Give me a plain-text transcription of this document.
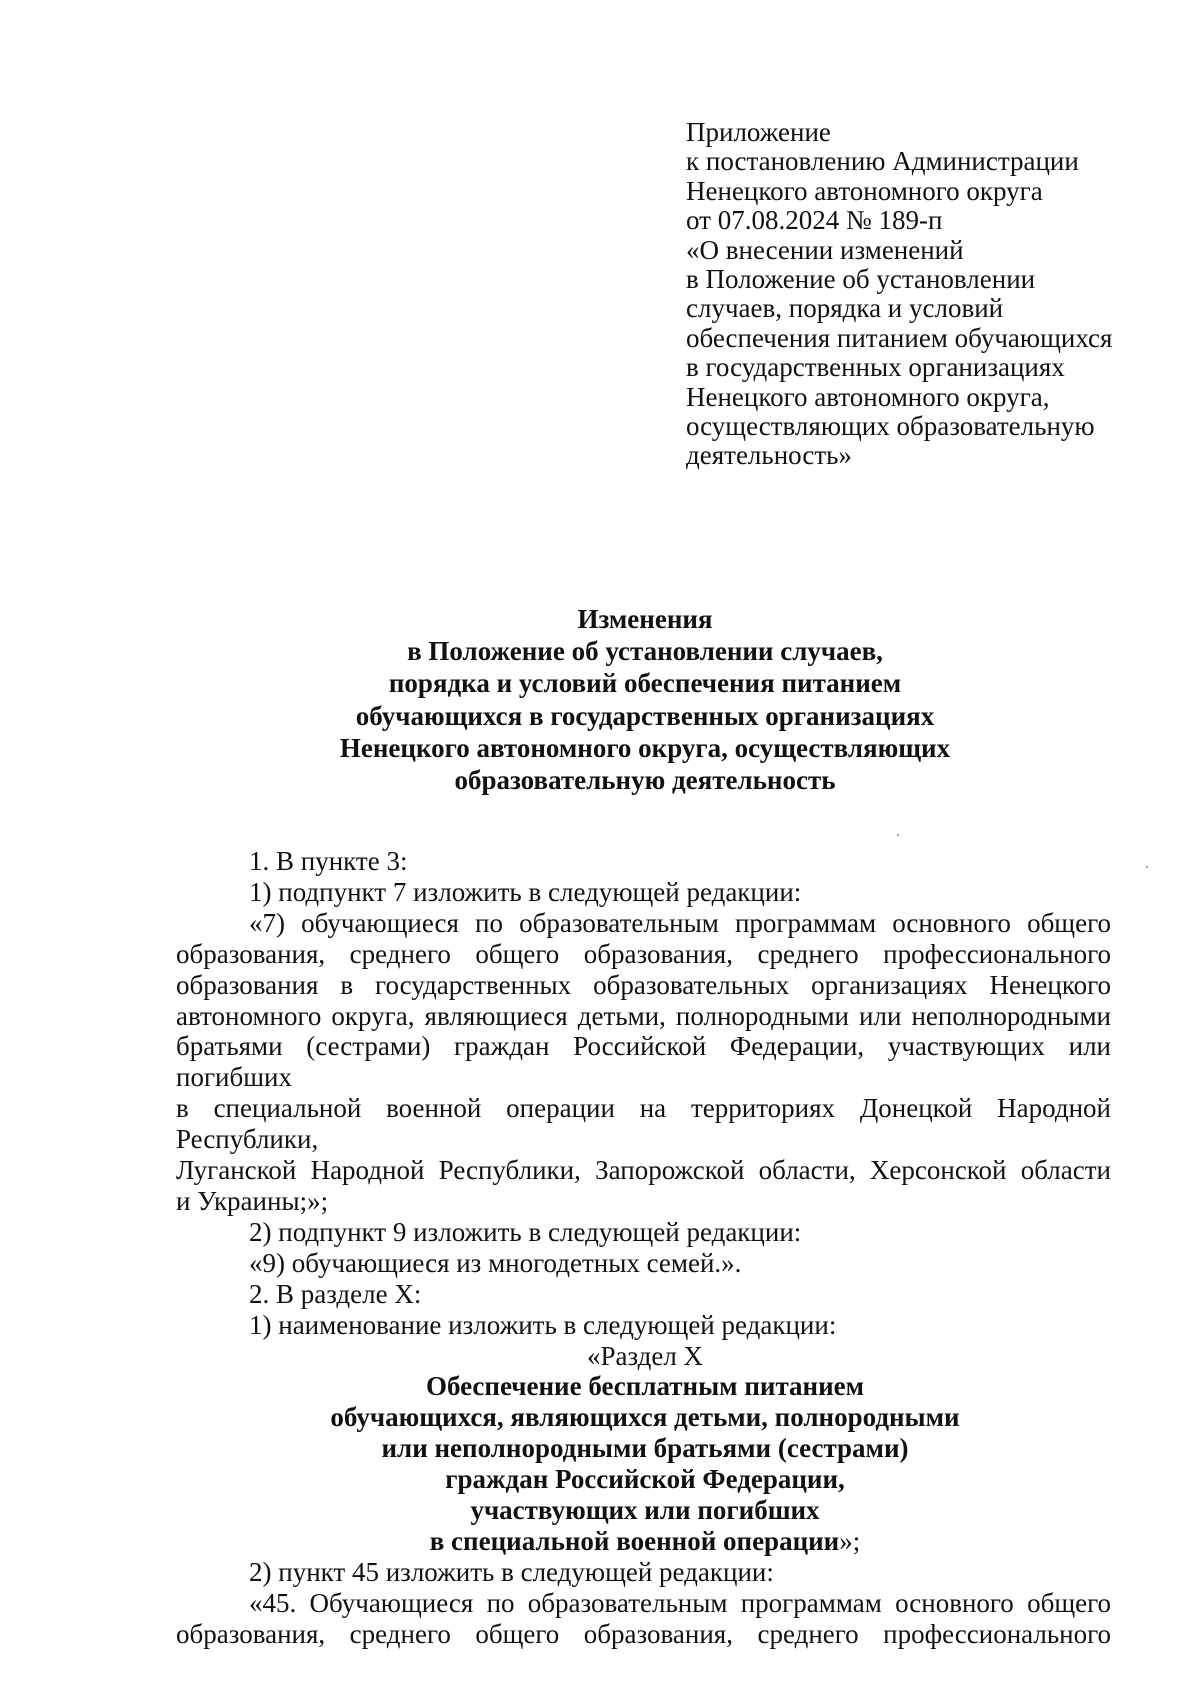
Приложение
к постановлению Администрации
Ненецкого автономного округа
от 07.08.2024 № 189-п
«О внесении изменений
в Положение об установлении
случаев, порядка и условий
обеспечения питанием обучающихся
в государственных организациях
Ненецкого автономного округа,
осуществляющих образовательную
деятельность»
Изменения
в Положение об установлении случаев,
порядка и условий обеспечения питанием
обучающихся в государственных организациях
Ненецкого автономного округа, осуществляющих
образовательную деятельность
1. В пункте 3:
1) подпункт 7 изложить в следующей редакции:
«7) обучающиеся по образовательным программам основного общего
образования, среднего общего образования, среднего профессионального
образования в государственных образовательных организациях Ненецкого
автономного округа, являющиеся детьми, полнородными или неполнородными
братьями (сестрами) граждан Российской Федерации, участвующих или погибших
в специальной военной операции на территориях Донецкой Народной Республики,
Луганской Народной Республики, Запорожской области, Херсонской области
и Украины;»;
2) подпункт 9 изложить в следующей редакции:
«9) обучающиеся из многодетных семей.».
2. В разделе X:
1) наименование изложить в следующей редакции:
«Раздел X
Обеспечение бесплатным питанием
обучающихся, являющихся детьми, полнородными
или неполнородными братьями (сестрами)
граждан Российской Федерации,
участвующих или погибших
в специальной военной операции»;
2) пункт 45 изложить в следующей редакции:
«45. Обучающиеся по образовательным программам основного общего
образования, среднего общего образования, среднего профессионального
